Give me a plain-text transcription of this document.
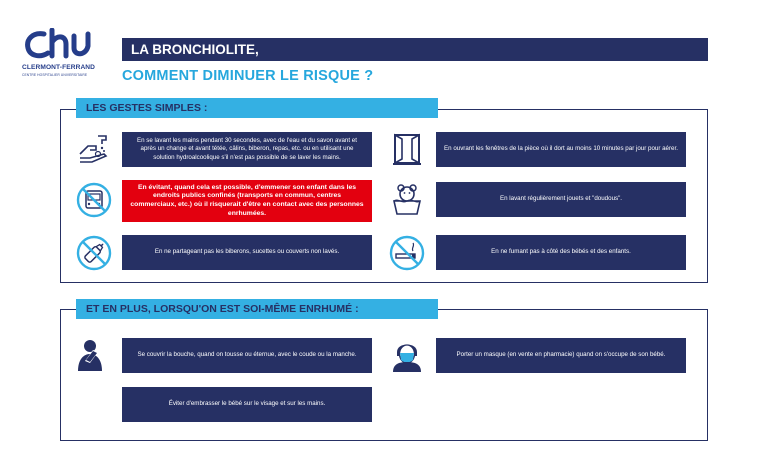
CLERMONT-FERRAND
CENTRE HOSPITALIER UNIVERSITAIRE
LA BRONCHIOLITE,
COMMENT DIMINUER LE RISQUE ?
LES GESTES SIMPLES :
En se lavant les mains pendant 30 secondes, avec de l'eau et du savon avant et après un change et avant tétée, câlins, biberon, repas, etc. ou en utilisant une solution hydroalcoolique s'il n'est pas possible de se laver les mains.
En ouvrant les fenêtres de la pièce où il dort au moins 10 minutes par jour pour aérer.
En évitant, quand cela est possible, d'emmener son enfant dans les endroits publics confinés (transports en commun, centres commerciaux, etc.) où il risquerait d'être en contact avec des personnes enrhumées.
En lavant régulièrement jouets et "doudous".
En ne partageant pas les biberons, sucettes ou couverts non lavés.	En ne fumant pas à côté des bébés et des enfants.
ET EN PLUS, LORSQU'ON EST SOI-MÊME ENRHUMÉ :
Se couvrir la bouche, quand on tousse ou éternue, avec le coude ou la manche.	Porter un masque (en vente en pharmacie) quand on s'occupe de son bébé.
Éviter d'embrasser le bébé sur le visage et sur les mains.
